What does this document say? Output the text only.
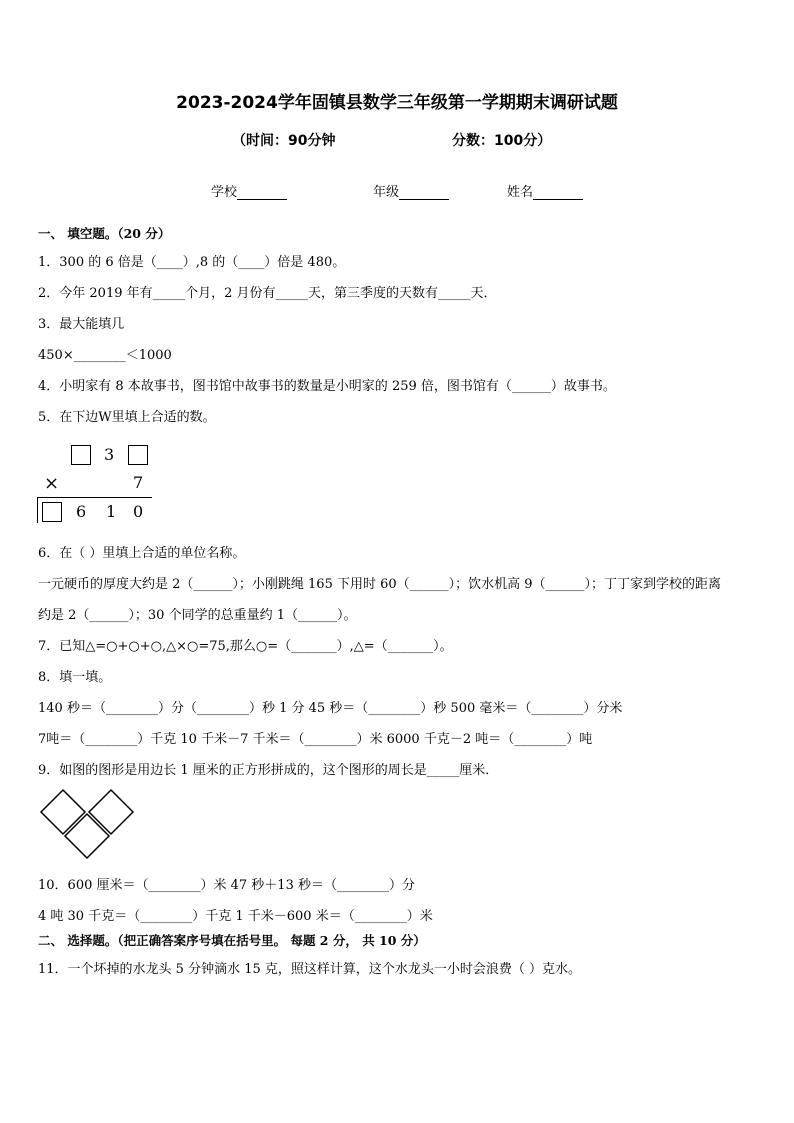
2023-2024学年固镇县数学三年级第一学期期末调研试题
（时间：90分钟	分数：100分）
学校	年级	姓名
一、 填空题。（20 分）
1．300 的 6 倍是（____）,8 的（____）倍是 480。
2．今年 2019 年有_____个月，2 月份有_____天，第三季度的天数有_____天．
3．最大能填几
450×________＜1000
4．小明家有 8 本故事书，图书馆中故事书的数量是小明家的 259 倍，图书馆有（______）故事书。
5．在下边W里填上合适的数。
3
×	7
6 1 0
6．在（ ）里填上合适的单位名称。
一元硬币的厚度大约是 2（______）；小刚跳绳 165 下用时 60（______）；饮水机高 9（______）；丁丁家到学校的距离
约是 2（______）；30 个同学的总重量约 1（______）。
7．已知△=○+○+○,△×○=75,那么○=（_______）,△=（_______）。
8．填一填。
140 秒＝（________）分（________）秒 1 分 45 秒＝（________）秒 500 毫米＝（________）分米
7吨＝（________）千克 10 千米－7 千米＝（________）米 6000 千克－2 吨＝（________）吨
9．如图的图形是用边长 1 厘米的正方形拼成的，这个图形的周长是_____厘米．
10．600 厘米＝（________）米 47 秒＋13 秒＝（________）分
4 吨 30 千克＝（________）千克 1 千米－600 米＝（________）米
二、 选择题。（把正确答案序号填在括号里。 每题 2 分， 共 10 分）
11．一个坏掉的水龙头 5 分钟滴水 15 克，照这样计算，这个水龙头一小时会浪费（ ）克水。
